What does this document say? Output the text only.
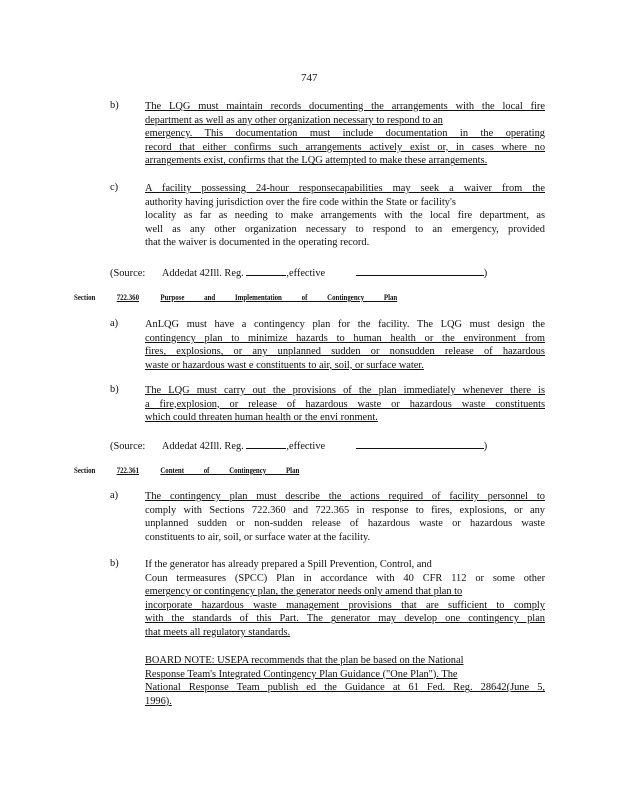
747
b)	The LQG must maintain records documenting the arrangements with the local fire
department as well as any other organization necessary to respond to an
emergency. This documentation must include documentation in the operating
record that either confirms such arrangements actively exist or, in cases where no
arrangements exist, confirms that the LQG attempted to make these arrangements.
c)	A facility possessing 24-hour responsecapabilities may seek a waiver from the
authority having jurisdiction over the fire code within the State or facility's
locality as far as needing to make arrangements with the local fire department, as
well as any other organization necessary to respond to an emergency, provided
that the waiver is documented in the operating record.
(Source: Addedat 42Ill. Reg.	,effective	)
Section	722.360	Purpose and Implementation of Contingency Plan
a)	AnLQG must have a contingency plan for the facility. The LQG must design the
contingency plan to minimize hazards to human health or the environment from
fires, explosions, or any unplanned sudden or nonsudden release of hazardous
waste or hazardous wast e constituents to air, soil, or surface water.
b)	The LQG must carry out the provisions of the plan immediately whenever there is
a fire,explosion, or release of hazardous waste or hazardous waste constituents
which could threaten human health or the envi ronment.
(Source: Addedat 42Ill. Reg.	,effective	)
Section	722.361	Content of Contingency Plan
a)	The contingency plan must describe the actions required of facility personnel to
comply with Sections 722.360 and 722.365 in response to fires, explosions, or any
unplanned sudden or non-sudden release of hazardous waste or hazardous waste
constituents to air, soil, or surface water at the facility.
b)	If the generator has already prepared a Spill Prevention, Control, and
Coun termeasures (SPCC) Plan in accordance with 40 CFR 112 or some other
emergency or contingency plan, the generator needs only amend that plan to
incorporate hazardous waste management provisions that are sufficient to comply
with the standards of this Part. The generator may develop one contingency plan
that meets all regulatory standards.
BOARD NOTE: USEPA recommends that the plan be based on the National
Response Team's Integrated Contingency Plan Guidance ("One Plan"). The
National Response Team publish ed the Guidance at 61 Fed. Reg. 28642(June 5,
1996).
